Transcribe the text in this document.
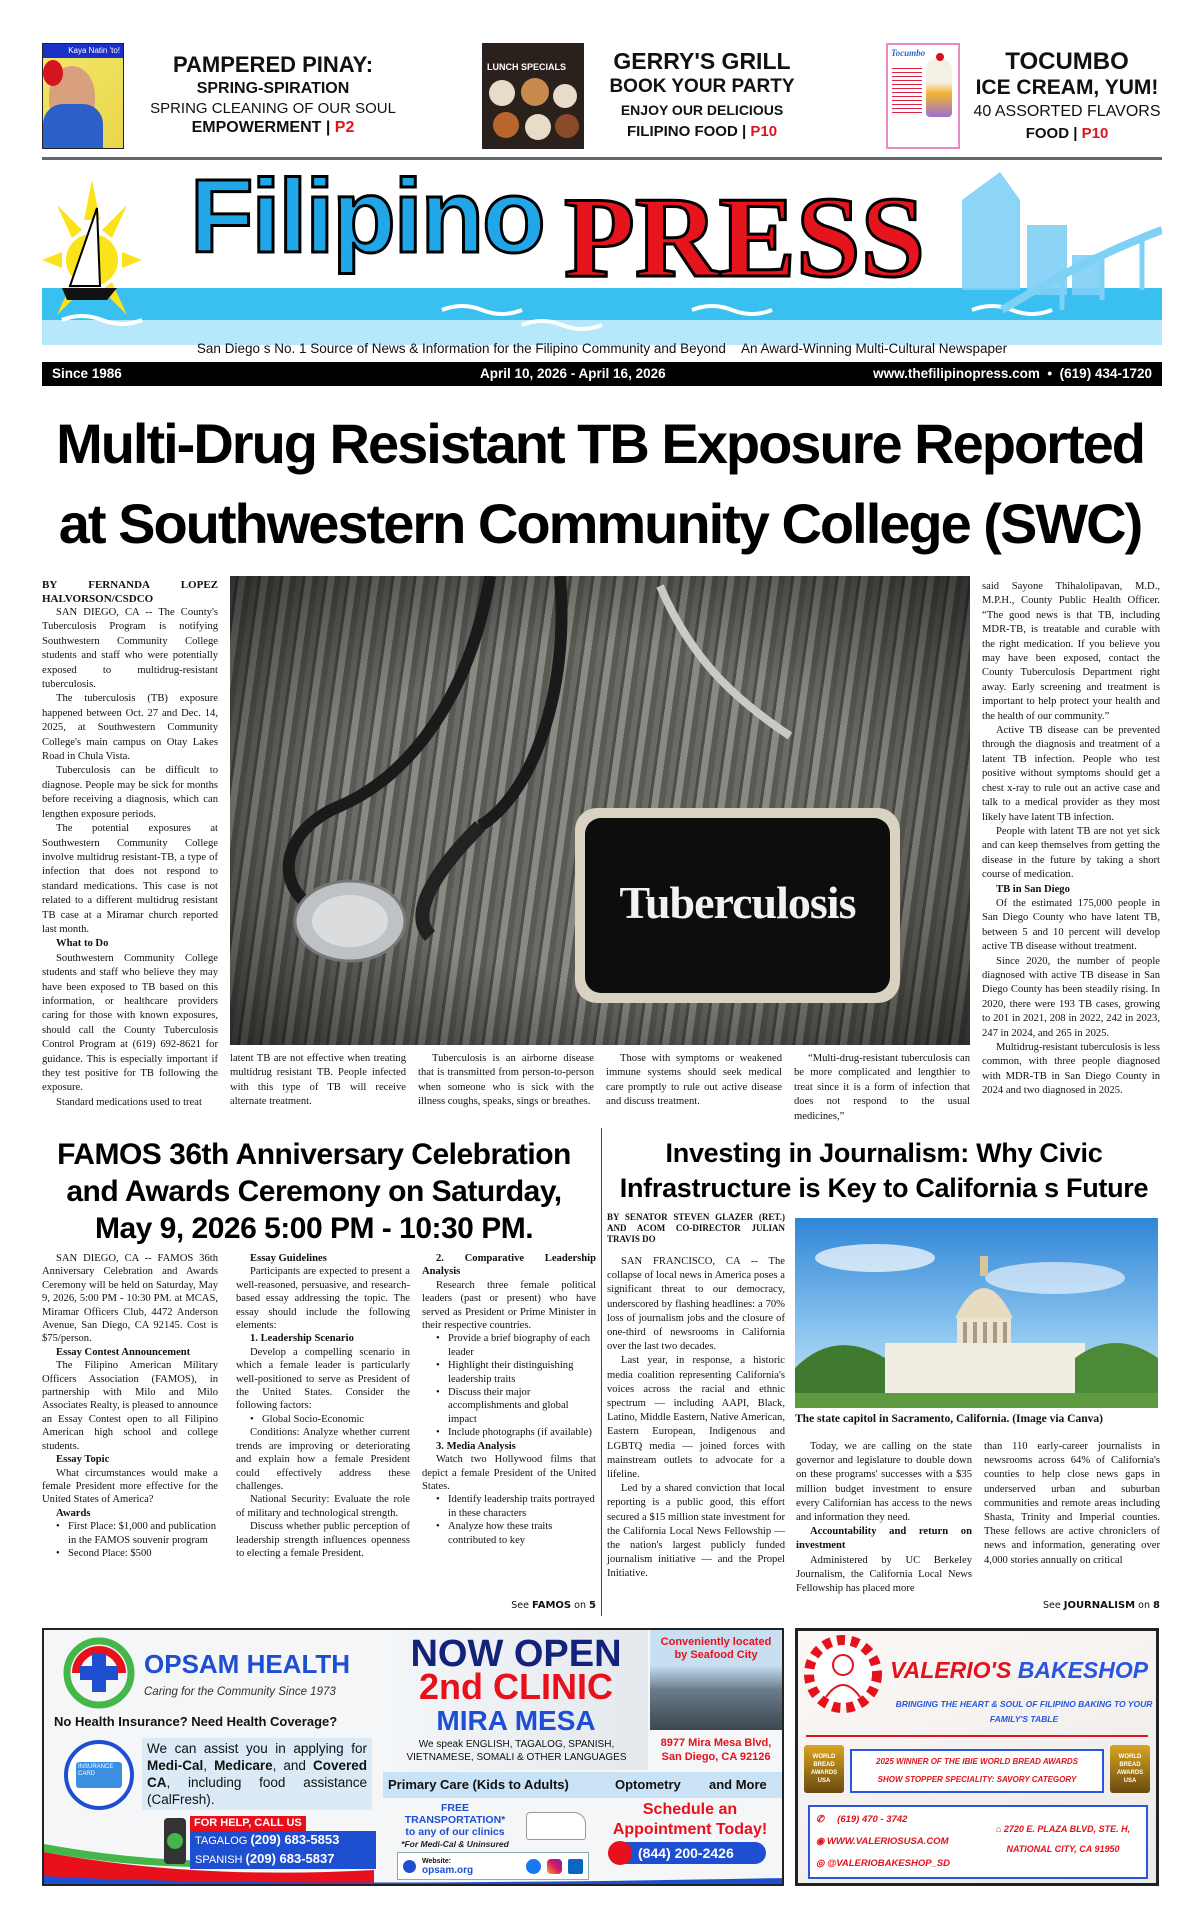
Kaya Natin 'to!
PAMPERED PINAY:
SPRING-SPIRATION
SPRING CLEANING OF OUR SOUL
EMPOWERMENT | P2
LUNCH SPECIALS	GERRY'S GRILL
BOOK YOUR PARTY
ENJOY OUR DELICIOUS
FILIPINO FOOD | P10
Tocumbo	TOCUMBO
ICE CREAM, YUM!
40 ASSORTED FLAVORS
FOOD | P10
Filipino PRESS
San Diego s No. 1 Source of News & Information for the Filipino Community and Beyond An Award-Winning Multi-Cultural Newspaper
Since 1986	April 10, 2026 - April 16, 2026	www.thefilipinopress.com • (619) 434-1720
Multi-Drug Resistant TB Exposure Reported
at Southwestern Community College (SWC)
BY FERNANDA LOPEZ HALVORSON/CSDCO

SAN DIEGO, CA -- The County's Tuberculosis Program is notifying Southwestern Community College students and staff who were potentially exposed to multidrug-resistant tuberculosis.

The tuberculosis (TB) exposure happened between Oct. 27 and Dec. 14, 2025, at Southwestern Community College's main campus on Otay Lakes Road in Chula Vista.

Tuberculosis can be difficult to diagnose. People may be sick for months before receiving a diagnosis, which can lengthen exposure periods.

The potential exposures at Southwestern Community College involve multidrug resistant-TB, a type of infection that does not respond to standard medications. This case is not related to a different multidrug resistant TB case at a Miramar church reported last month.

What to Do

Southwestern Community College students and staff who believe they may have been exposed to TB based on this information, or healthcare providers caring for those with known exposures, should call the County Tuberculosis Control Program at (619) 692-8621 for guidance. This is especially important if they test positive for TB following the exposure.

Standard medications used to treat

Tuberculosis

latent TB are not effective when treating multidrug resistant TB. People infected with this type of TB will receive alternate treatment.

Tuberculosis is an airborne disease that is transmitted from person-to-person when someone who is sick with the illness coughs, speaks, sings or breathes.

Those with symptoms or weakened immune systems should seek medical care promptly to rule out active disease and discuss treatment.

“Multi-drug-resistant tuberculosis can be more complicated and lengthier to treat since it is a form of infection that does not respond to the usual medicines,”

said Sayone Thihalolipavan, M.D., M.P.H., County Public Health Officer. “The good news is that TB, including MDR-TB, is treatable and curable with the right medication. If you believe you may have been exposed, contact the County Tuberculosis Department right away. Early screening and treatment is important to help protect your health and the health of our community.”

Active TB disease can be prevented through the diagnosis and treatment of a latent TB infection. People who test positive without symptoms should get a chest x-ray to rule out an active case and talk to a medical provider as they most likely have latent TB infection.

People with latent TB are not yet sick and can keep themselves from getting the disease in the future by taking a short course of medication.

TB in San Diego

Of the estimated 175,000 people in San Diego County who have latent TB, between 5 and 10 percent will develop active TB disease without treatment.

Since 2020, the number of people diagnosed with active TB disease in San Diego County has been steadily rising. In 2020, there were 193 TB cases, growing to 201 in 2021, 208 in 2022, 242 in 2023, 247 in 2024, and 265 in 2025.

Multidrug-resistant tuberculosis is less common, with three people diagnosed with MDR-TB in San Diego County in 2024 and two diagnosed in 2025.

FAMOS 36th Anniversary Celebration
and Awards Ceremony on Saturday,
May 9, 2026 5:00 PM - 10:30 PM.

SAN DIEGO, CA -- FAMOS 36th Anniversary Celebration and Awards Ceremony will be held on Saturday, May 9, 2026, 5:00 PM - 10:30 PM. at MCAS, Miramar Officers Club, 4472 Anderson Avenue, San Diego, CA 92145. Cost is $75/person.

Essay Contest Announcement

The Filipino American Military Officers Association (FAMOS), in partnership with Milo and Milo Associates Realty, is pleased to announce an Essay Contest open to all Filipino American high school and college students.

Essay Topic

What circumstances would make a female President more effective for the United States of America?

Awards

• First Place: $1,000 and publication in the FAMOS souvenir program

• Second Place: $500

Essay Guidelines

Participants are expected to present a well-reasoned, persuasive, and research-based essay addressing the topic. The essay should include the following elements:

1. Leadership Scenario

Develop a compelling scenario in which a female leader is particularly well-positioned to serve as President of the United States. Consider the following factors:

• Global Socio-Economic

Conditions: Analyze whether current trends are improving or deteriorating and explain how a female President could effectively address these challenges.

National Security: Evaluate the role of military and technological strength.

Discuss whether public perception of leadership strength influences openness to electing a female President.

2. Comparative Leadership Analysis

Research three female political leaders (past or present) who have served as President or Prime Minister in their respective countries.

• Provide a brief biography of each leader

• Highlight their distinguishing leadership traits

• Discuss their major accomplishments and global impact

• Include photographs (if available)

3. Media Analysis

Watch two Hollywood films that depict a female President of the United States.

• Identify leadership traits portrayed in these characters

• Analyze how these traits contributed to key

See FAMOS on 5
Investing in Journalism: Why Civic
Infrastructure is Key to California s Future
BY SENATOR STEVEN GLAZER (RET.) AND ACOM CO-DIRECTOR JULIAN TRAVIS DO

SAN FRANCISCO, CA -- The collapse of local news in America poses a significant threat to our democracy, underscored by flashing headlines: a 70% loss of journalism jobs and the closure of one-third of newsrooms in California over the last two decades.

Last year, in response, a historic media coalition representing California's voices across the racial and ethnic spectrum — including AAPI, Black, Latino, Middle Eastern, Native American, Eastern European, Indigenous and LGBTQ media — joined forces with mainstream outlets to advocate for a lifeline.

Led by a shared conviction that local reporting is a public good, this effort secured a $15 million state investment for the California Local News Fellowship — the nation's largest publicly funded journalism initiative — and the Propel Initiative.

The state capitol in Sacramento, California. (Image via Canva)

Today, we are calling on the state governor and legislature to double down on these programs' successes with a $35 million budget investment to ensure every Californian has access to the news and information they need.

Accountability and return on investment

Administered by UC Berkeley Journalism, the California Local News Fellowship has placed more

than 110 early-career journalists in newsrooms across 64% of California's counties to help close news gaps in underserved urban and suburban communities and remote areas including Shasta, Trinity and Imperial counties. These fellows are active chroniclers of news and information, generating over 4,000 stories annually on critical

See JOURNALISM on 8
Conveniently located by Seafood City
OPSAM HEALTH
Caring for the Community Since 1973
No Health Insurance? Need Health Coverage?
INSURANCE CARD
We can assist you in applying for Medi-Cal, Medicare, and Covered CA, including food assistance (CalFresh).
FOR HELP, CALL US
TAGALOG (209) 683-5853
SPANISH (209) 683-5837
NOW OPEN
2nd CLINIC
MIRA MESA
We speak ENGLISH, TAGALOG, SPANISH, VIETNAMESE, SOMALI & OTHER LANGUAGES
8977 Mira Mesa Blvd, San Diego, CA 92126
Primary Care (Kids to Adults)	Optometry and More
FREE
TRANSPORTATION*
to any of our clinics
*For Medi-Cal & Uninsured
Website:
opsam.org
Schedule an Appointment Today!
(844) 200-2426
VALERIO'S BAKESHOP
BRINGING THE HEART & SOUL OF FILIPINO BAKING TO YOUR FAMILY'S TABLE
WORLD BREAD AWARDS USA
2025 WINNER OF THE IBIE WORLD BREAD AWARDS
SHOW STOPPER SPECIALITY: SAVORY CATEGORY
WORLD BREAD AWARDS USA
✆ (619) 470 - 3742
◉ WWW.VALERIOSUSA.COM
◎ @VALERIOBAKESHOP_SD
⌂ 2720 E. PLAZA BLVD, STE. H,
NATIONAL CITY, CA 91950
